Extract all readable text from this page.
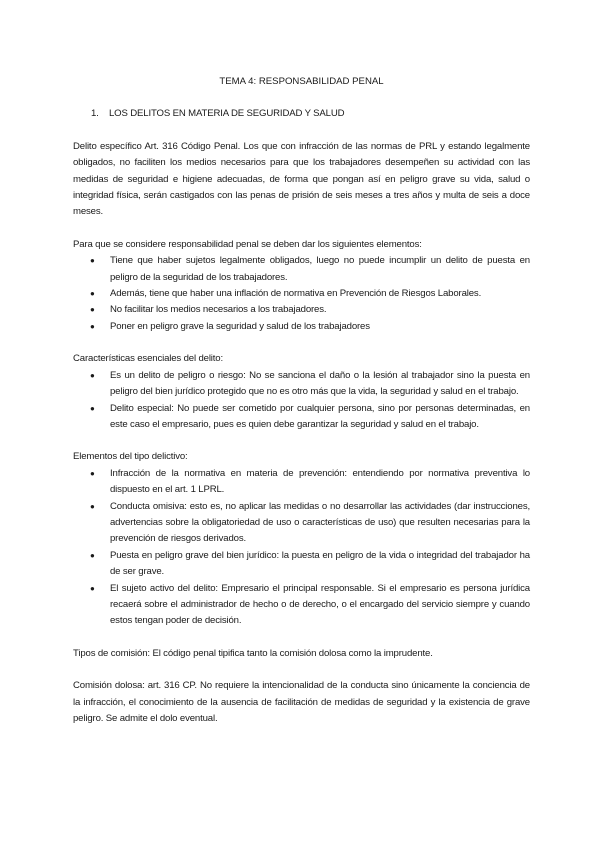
TEMA 4: RESPONSABILIDAD PENAL
1.	LOS DELITOS EN MATERIA DE SEGURIDAD Y SALUD

Delito específico Art. 316 Código Penal. Los que con infracción de las normas de PRL y estando legalmente obligados, no faciliten los medios necesarios para que los trabajadores desempeñen su actividad con las medidas de seguridad e higiene adecuadas, de forma que pongan así en peligro grave su vida, salud o integridad física, serán castigados con las penas de prisión de seis meses a tres años y multa de seis a doce meses.

Para que se considere responsabilidad penal se deben dar los siguientes elementos:

● Tiene que haber sujetos legalmente obligados, luego no puede incumplir un delito de puesta en peligro de la seguridad de los trabajadores.
● Además, tiene que haber una inflación de normativa en Prevención de Riesgos Laborales.
● No facilitar los medios necesarios a los trabajadores.
● Poner en peligro grave la seguridad y salud de los trabajadores

Características esenciales del delito:

● Es un delito de peligro o riesgo: No se sanciona el daño o la lesión al trabajador sino la puesta en peligro del bien jurídico protegido que no es otro más que la vida, la seguridad y salud en el trabajo.
● Delito especial: No puede ser cometido por cualquier persona, sino por personas determinadas, en este caso el empresario, pues es quien debe garantizar la seguridad y salud en el trabajo.

Elementos del tipo delictivo:

● Infracción de la normativa en materia de prevención: entendiendo por normativa preventiva lo dispuesto en el art. 1 LPRL.
● Conducta omisiva: esto es, no aplicar las medidas o no desarrollar las actividades (dar instrucciones, advertencias sobre la obligatoriedad de uso o características de uso) que resulten necesarias para la prevención de riesgos derivados.
● Puesta en peligro grave del bien jurídico: la puesta en peligro de la vida o integridad del trabajador ha de ser grave.
● El sujeto activo del delito: Empresario el principal responsable. Si el empresario es persona jurídica recaerá sobre el administrador de hecho o de derecho, o el encargado del servicio siempre y cuando estos tengan poder de decisión.

Tipos de comisión: El código penal tipifica tanto la comisión dolosa como la imprudente.

Comisión dolosa: art. 316 CP. No requiere la intencionalidad de la conducta sino únicamente la conciencia de la infracción, el conocimiento de la ausencia de facilitación de medidas de seguridad y la existencia de grave peligro. Se admite el dolo eventual.
